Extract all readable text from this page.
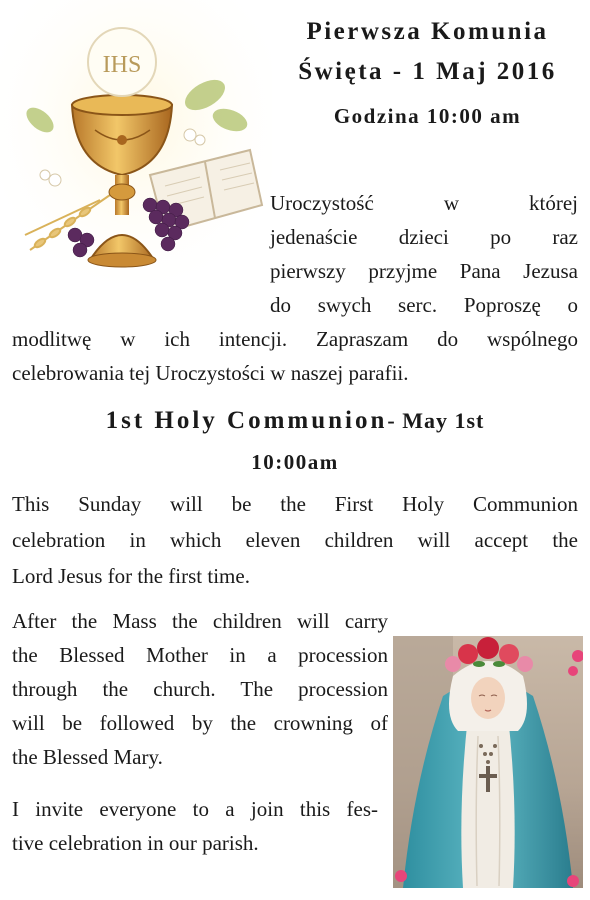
IHS
Pierwsza Komunia
Święta - 1 Maj 2016
Godzina 10:00 am
Uroczystość w której
jedenaście dzieci po raz
pierwszy przyjme Pana Jezusa
do swych serc. Poproszę o
modlitwę w ich intencji. Zapraszam do wspólnego
celebrowania tej Uroczystości w naszej parafii.
1st Holy Communion- May 1st
10:00am
This Sunday will be the First Holy Communion
celebration in which eleven children will accept the
Lord Jesus for the first time.
After the Mass the children will carry
the Blessed Mother in a procession
through the church. The procession
will be followed by the crowning of
the Blessed Mary.
I invite everyone to a join this fes-
tive celebration in our parish.
